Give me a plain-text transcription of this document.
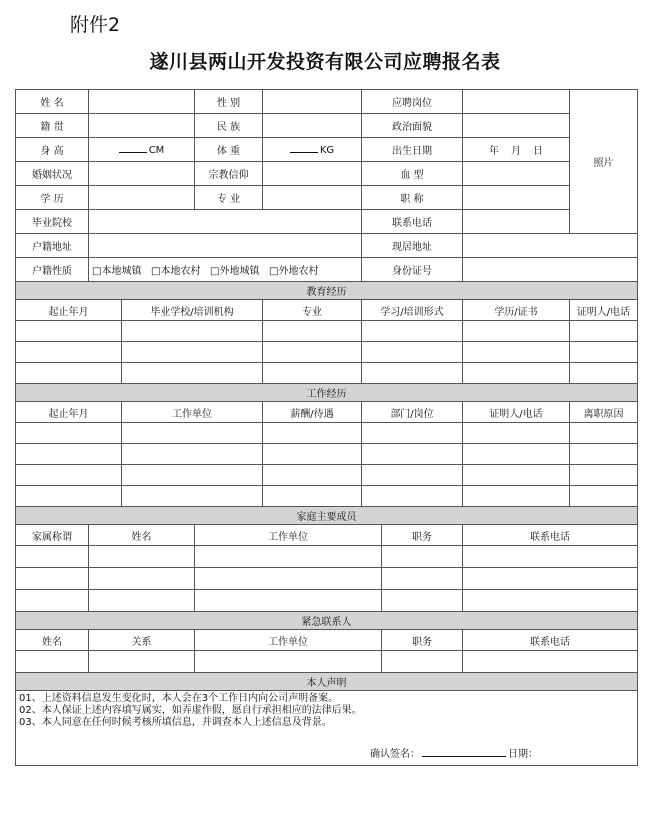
附件2
遂川县两山开发投资有限公司应聘报名表
姓 名			性 别		应聘岗位			照片
籍 贯			民 族		政治面貌			
身 高	CM		体 重	KG	出生日期		年 月 日	
婚姻状况			宗教信仰		血 型			
学 历			专 业		职 称			
毕业院校					联系电话			
户籍地址					现居地址			
户籍性质	□本地城镇 □本地农村 □外地城镇 □外地农村				身份证号			
教育经历								
起止年月		毕业学校/培训机构		专业	学习/培训形式		学历/证书	证明人/电话

工作经历								
起止年月		工作单位		薪酬/待遇	部门/岗位		证明人/电话	离职原因

家庭主要成员								
家属称谓	姓名		工作单位			职务	联系电话	

紧急联系人								
姓名	关系		工作单位			职务	联系电话	

本人声明								

01、上述资料信息发生变化时，本人会在3个工作日内向公司声明备案。
02、本人保证上述内容填写属实，如弄虚作假，愿自行承担相应的法律后果。
03、本人同意在任何时候考核所填信息，并调查本人上述信息及背景。
确认签名： 日期：								
